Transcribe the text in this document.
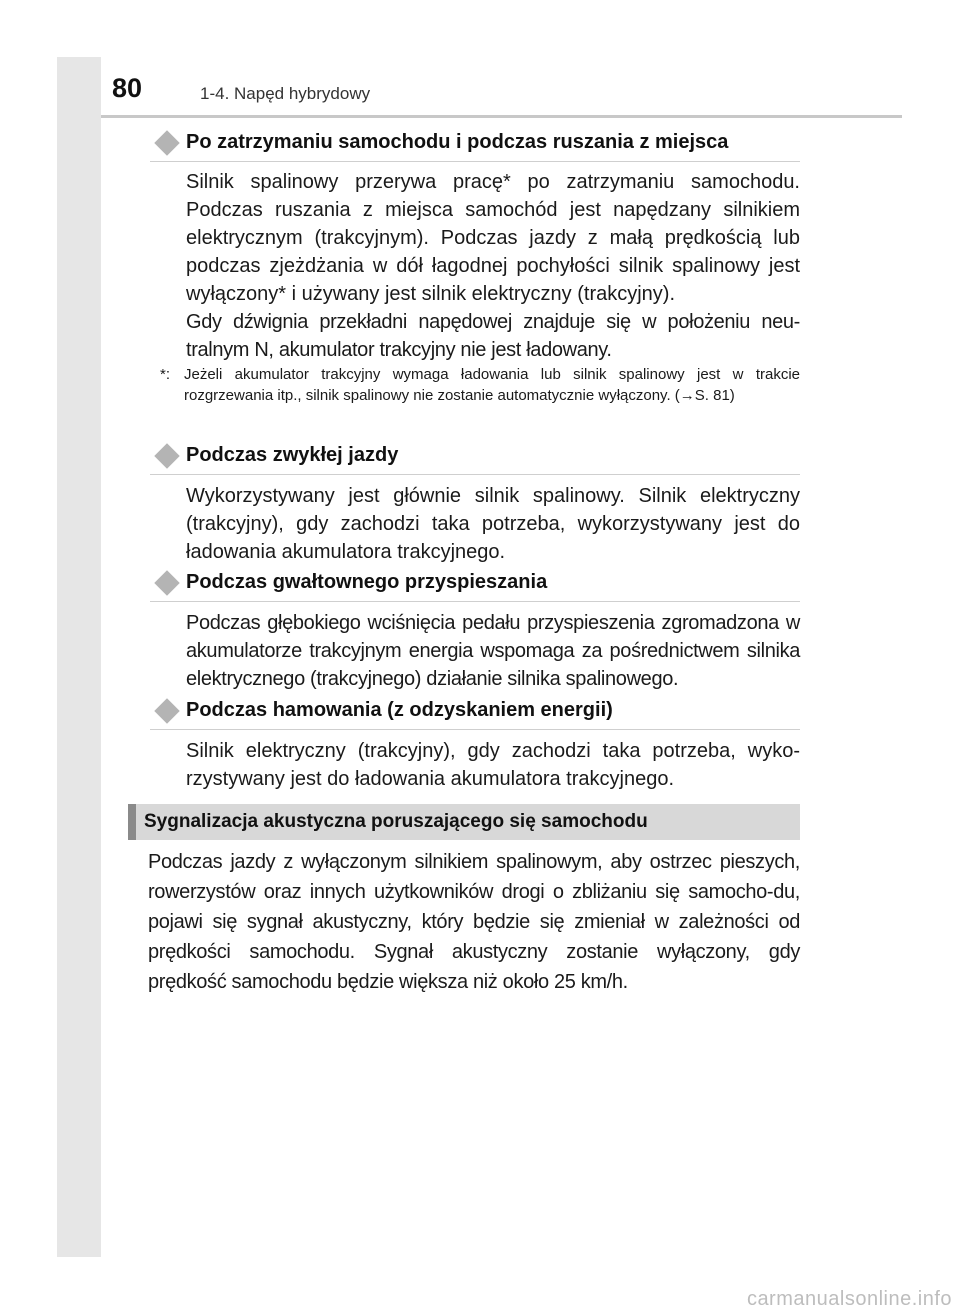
80	1-4. Napęd hybrydowy
Po zatrzymaniu samochodu i podczas ruszania z miejsca
Silnik spalinowy przerywa pracę* po zatrzymaniu samochodu. Podczas ruszania z miejsca samochód jest napędzany silnikiem elektrycznym (trakcyjnym). Podczas jazdy z małą prędkością lub podczas zjeżdżania w dół łagodnej pochyłości silnik spalinowy jest wyłączony* i używany jest silnik elektryczny (trakcyjny).
Gdy dźwignia przekładni napędowej znajduje się w położeniu neu-tralnym N, akumulator trakcyjny nie jest ładowany.
*: Jeżeli akumulator trakcyjny wymaga ładowania lub silnik spalinowy jest w trakcie rozgrzewania itp., silnik spalinowy nie zostanie automatycznie wyłączony. (→S. 81)
Podczas zwykłej jazdy
Wykorzystywany jest głównie silnik spalinowy. Silnik elektryczny (trakcyjny), gdy zachodzi taka potrzeba, wykorzystywany jest do ładowania akumulatora trakcyjnego.
Podczas gwałtownego przyspieszania
Podczas głębokiego wciśnięcia pedału przyspieszenia zgromadzona w akumulatorze trakcyjnym energia wspomaga za pośrednictwem silnika elektrycznego (trakcyjnego) działanie silnika spalinowego.
Podczas hamowania (z odzyskaniem energii)
Silnik elektryczny (trakcyjny), gdy zachodzi taka potrzeba, wyko-rzystywany jest do ładowania akumulatora trakcyjnego.
Sygnalizacja akustyczna poruszającego się samochodu
Podczas jazdy z wyłączonym silnikiem spalinowym, aby ostrzec pieszych, rowerzystów oraz innych użytkowników drogi o zbliżaniu się samocho-du, pojawi się sygnał akustyczny, który będzie się zmieniał w zależności od prędkości samochodu. Sygnał akustyczny zostanie wyłączony, gdy prędkość samochodu będzie większa niż około 25 km/h.
carmanualsonline.info
